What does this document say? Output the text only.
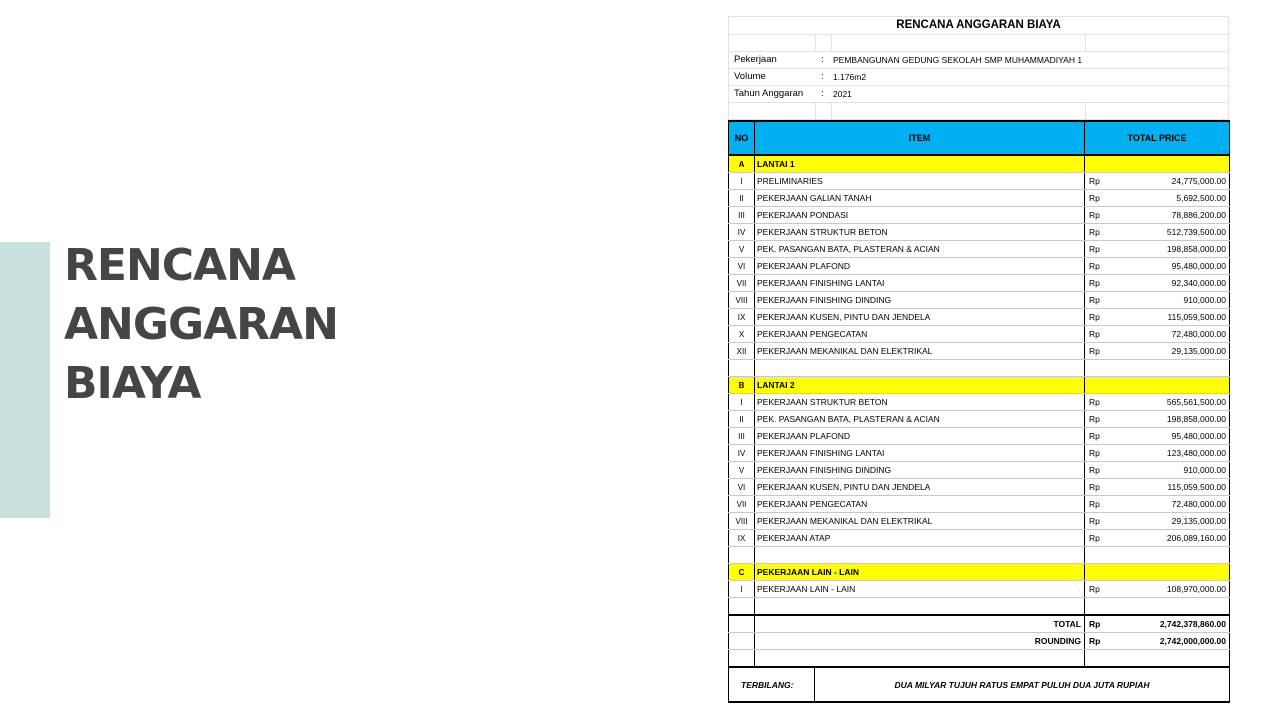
RENCANA
ANGGARAN
BIAYA
RENCANA ANGGARAN BIAYA
Pekerjaan	: PEMBANGUNAN GEDUNG SEKOLAH SMP MUHAMMADIYAH 1
Volume	: 1.176m2
Tahun Anggaran : 2021
NO	ITEM		TOTAL PRICE	
A	LANTAI 1			
I	PRELIMINARIES		Rp	24,775,000.00
II	PEKERJAAN GALIAN TANAH		Rp	5,692,500.00
III	PEKERJAAN PONDASI		Rp	78,886,200.00
IV	PEKERJAAN STRUKTUR BETON		Rp	512,739,500.00
V	PEK. PASANGAN BATA, PLASTERAN & ACIAN		Rp	198,858,000.00
VI	PEKERJAAN PLAFOND		Rp	95,480,000.00
VII	PEKERJAAN FINISHING LANTAI		Rp	92,340,000.00
VIII	PEKERJAAN FINISHING DINDING		Rp	910,000.00
IX	PEKERJAAN KUSEN, PINTU DAN JENDELA		Rp	115,059,500.00
X	PEKERJAAN PENGECATAN		Rp	72,480,000.00
XII	PEKERJAAN MEKANIKAL DAN ELEKTRIKAL		Rp	29,135,000.00

B	LANTAI 2			
I	PEKERJAAN STRUKTUR BETON		Rp	565,561,500.00
II	PEK. PASANGAN BATA, PLASTERAN & ACIAN		Rp	198,858,000.00
III	PEKERJAAN PLAFOND		Rp	95,480,000.00
IV	PEKERJAAN FINISHING LANTAI		Rp	123,480,000.00
V	PEKERJAAN FINISHING DINDING		Rp	910,000.00
VI	PEKERJAAN KUSEN, PINTU DAN JENDELA		Rp	115,059,500.00
VII	PEKERJAAN PENGECATAN		Rp	72,480,000.00
VIII	PEKERJAAN MEKANIKAL DAN ELEKTRIKAL		Rp	29,135,000.00
IX	PEKERJAAN ATAP		Rp	206,089,160.00

C	PEKERJAAN LAIN - LAIN			
I	PEKERJAAN LAIN - LAIN		Rp	108,970,000.00

	TOTAL		Rp	2,742,378,860.00
	ROUNDING		Rp	2,742,000,000.00

TERBILANG:		DUA MILYAR TUJUH RATUS EMPAT PULUH DUA JUTA RUPIAH		
